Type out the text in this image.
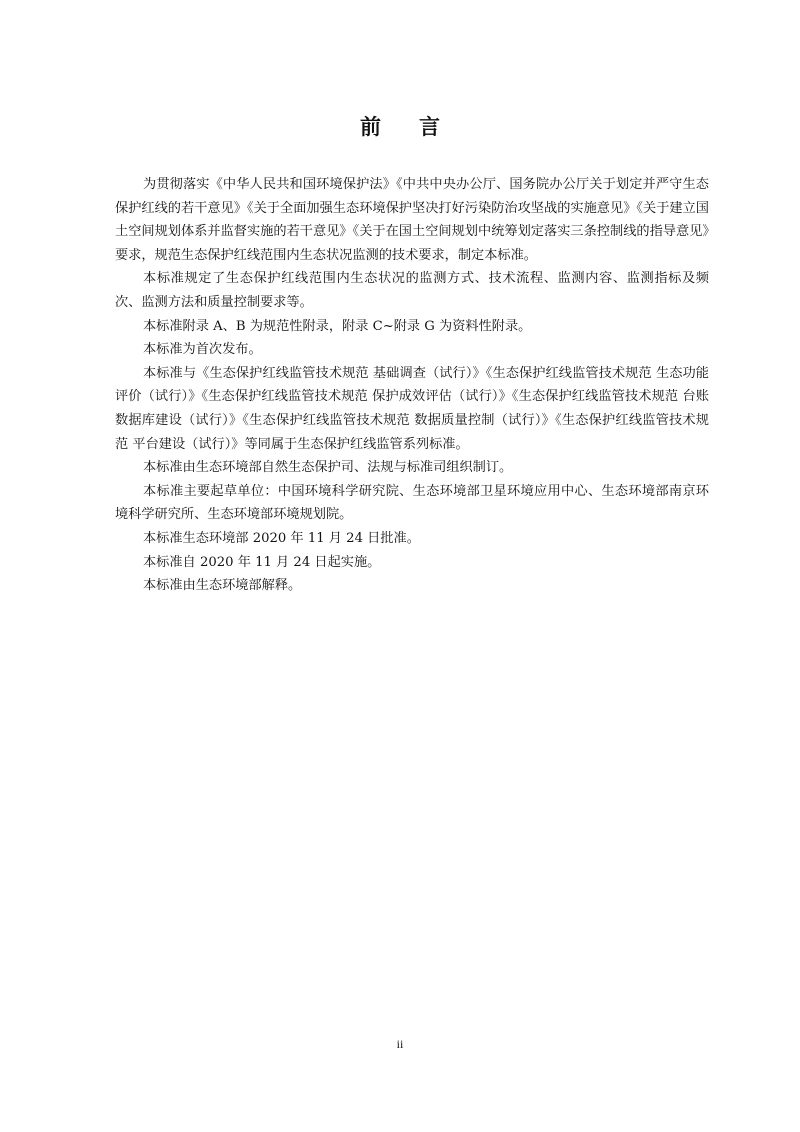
前 言

为贯彻落实《中华人民共和国环境保护法》《中共中央办公厅、国务院办公厅关于划定并严守生态保护红线的若干意见》《关于全面加强生态环境保护坚决打好污染防治攻坚战的实施意见》《关于建立国土空间规划体系并监督实施的若干意见》《关于在国土空间规划中统筹划定落实三条控制线的指导意见》要求，规范生态保护红线范围内生态状况监测的技术要求，制定本标准。

本标准规定了生态保护红线范围内生态状况的监测方式、技术流程、监测内容、监测指标及频次、监测方法和质量控制要求等。

本标准附录 A、B 为规范性附录，附录 C~附录 G 为资料性附录。

本标准为首次发布。

本标准与《生态保护红线监管技术规范 基础调查（试行）》《生态保护红线监管技术规范 生态功能评价（试行）》《生态保护红线监管技术规范 保护成效评估（试行）》《生态保护红线监管技术规范 台账数据库建设（试行）》《生态保护红线监管技术规范 数据质量控制（试行）》《生态保护红线监管技术规范 平台建设（试行）》等同属于生态保护红线监管系列标准。

本标准由生态环境部自然生态保护司、法规与标准司组织制订。

本标准主要起草单位：中国环境科学研究院、生态环境部卫星环境应用中心、生态环境部南京环境科学研究所、生态环境部环境规划院。

本标准生态环境部 2020 年 11 月 24 日批准。

本标准自 2020 年 11 月 24 日起实施。

本标准由生态环境部解释。

ii
